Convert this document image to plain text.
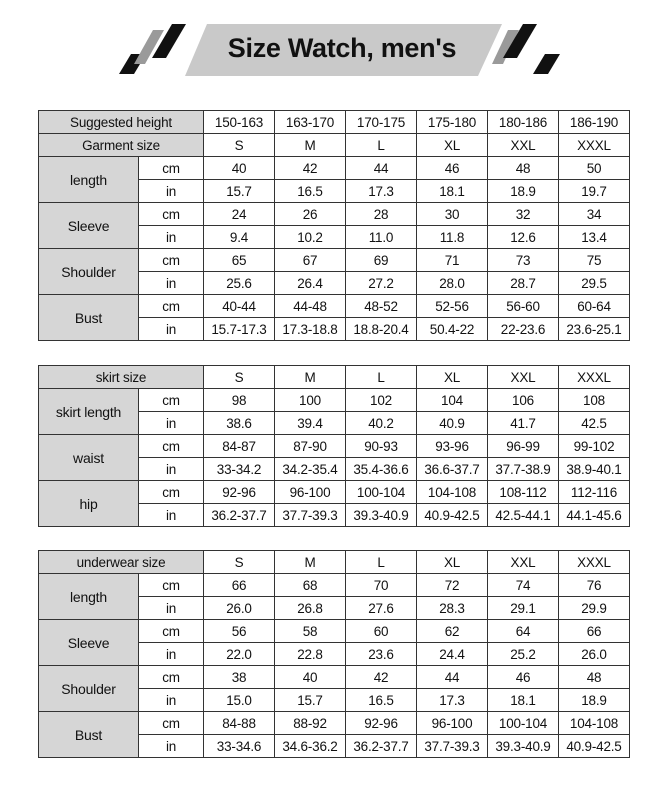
Size Watch, men's
Suggested height		150-163	163-170	170-175	175-180	180-186	186-190
Garment size		S	M	L	XL	XXL	XXXL
length	cm	40	42	44	46	48	50
	in	15.7	16.5	17.3	18.1	18.9	19.7
Sleeve	cm	24	26	28	30	32	34
	in	9.4	10.2	11.0	11.8	12.6	13.4
Shoulder	cm	65	67	69	71	73	75
	in	25.6	26.4	27.2	28.0	28.7	29.5
Bust	cm	40-44	44-48	48-52	52-56	56-60	60-64
	in	15.7-17.3	17.3-18.8	18.8-20.4	50.4-22	22-23.6	23.6-25.1
skirt size		S	M	L	XL	XXL	XXXL
skirt length	cm	98	100	102	104	106	108
	in	38.6	39.4	40.2	40.9	41.7	42.5
waist	cm	84-87	87-90	90-93	93-96	96-99	99-102
	in	33-34.2	34.2-35.4	35.4-36.6	36.6-37.7	37.7-38.9	38.9-40.1
hip	cm	92-96	96-100	100-104	104-108	108-112	112-116
	in	36.2-37.7	37.7-39.3	39.3-40.9	40.9-42.5	42.5-44.1	44.1-45.6
underwear size		S	M	L	XL	XXL	XXXL
length	cm	66	68	70	72	74	76
	in	26.0	26.8	27.6	28.3	29.1	29.9
Sleeve	cm	56	58	60	62	64	66
	in	22.0	22.8	23.6	24.4	25.2	26.0
Shoulder	cm	38	40	42	44	46	48
	in	15.0	15.7	16.5	17.3	18.1	18.9
Bust	cm	84-88	88-92	92-96	96-100	100-104	104-108
	in	33-34.6	34.6-36.2	36.2-37.7	37.7-39.3	39.3-40.9	40.9-42.5
